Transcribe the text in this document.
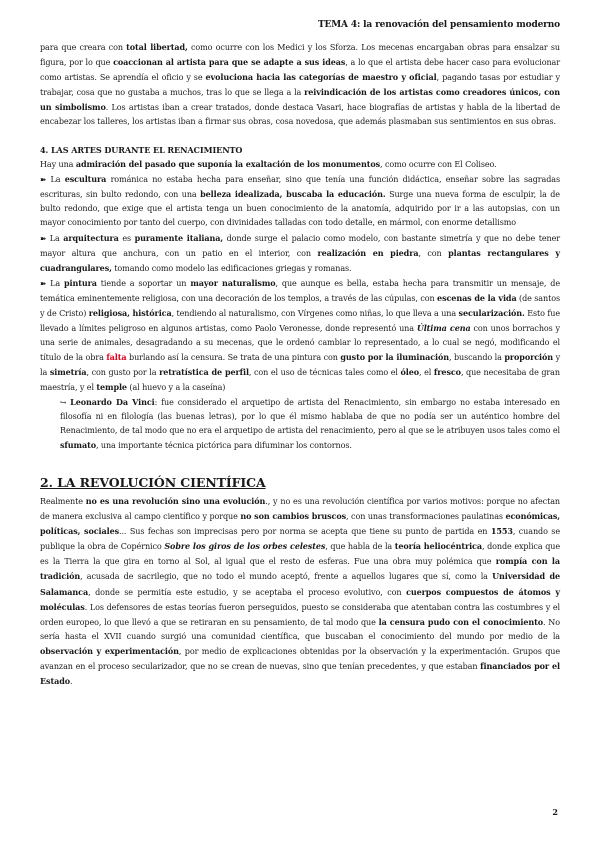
TEMA 4: la renovación del pensamiento moderno

para que creara con total libertad, como ocurre con los Medici y los Sforza. Los mecenas encargaban obras para ensalzar su figura, por lo que coaccionan al artista para que se adapte a sus ideas, a lo que el artista debe hacer caso para evolucionar como artistas. Se aprendía el oficio y se evoluciona hacia las categorías de maestro y oficial, pagando tasas por estudiar y trabajar, cosa que no gustaba a muchos, tras lo que se llega a la reivindicación de los artistas como creadores únicos, con un simbolismo. Los artistas iban a crear tratados, donde destaca Vasari, hace biografías de artistas y habla de la libertad de encabezar los talleres, los artistas iban a firmar sus obras, cosa novedosa, que además plasmaban sus sentimientos en sus obras.

4. LAS ARTES DURANTE EL RENACIMIENTO

Hay una admiración del pasado que suponía la exaltación de los monumentos, como ocurre con El Coliseo.

➽ La escultura románica no estaba hecha para enseñar, sino que tenía una función didáctica, enseñar sobre las sagradas escrituras, sin bulto redondo, con una belleza idealizada, buscaba la educación. Surge una nueva forma de esculpir, la de bulto redondo, que exige que el artista tenga un buen conocimiento de la anatomía, adquirido por ir a las autopsias, con un mayor conocimiento por tanto del cuerpo, con divinidades talladas con todo detalle, en mármol, con enorme detallismo

➽ La arquitectura es puramente italiana, donde surge el palacio como modelo, con bastante simetría y que no debe tener mayor altura que anchura, con un patio en el interior, con realización en piedra, con plantas rectangulares y cuadrangulares, tomando como modelo las edificaciones griegas y romanas.

➽ La pintura tiende a soportar un mayor naturalismo, que aunque es bella, estaba hecha para transmitir un mensaje, de temática eminentemente religiosa, con una decoración de los templos, a través de las cúpulas, con escenas de la vida (de santos y de Cristo) religiosa, histórica, tendiendo al naturalismo, con Vírgenes como niñas, lo que lleva a una secularización. Esto fue llevado a límites peligroso en algunos artistas, como Paolo Veronesse, donde representó una Última cena con unos borrachos y una serie de animales, desagradando a su mecenas, que le ordenó cambiar lo representado, a lo cual se negó, modificando el título de la obra falta burlando así la censura. Se trata de una pintura con gusto por la iluminación, buscando la proporción y la simetría, con gusto por la retratística de perfil, con el uso de técnicas tales como el óleo, el fresco, que necesitaba de gran maestría, y el temple (al huevo y a la caseína)

↪ Leonardo Da Vinci: fue considerado el arquetipo de artista del Renacimiento, sin embargo no estaba interesado en filosofía ni en filología (las buenas letras), por lo que él mismo hablaba de que no podía ser un auténtico hombre del Renacimiento, de tal modo que no era el arquetipo de artista del renacimiento, pero al que se le atribuyen usos tales como el sfumato, una importante técnica pictórica para difuminar los contornos.

2. LA REVOLUCIÓN CIENTÍFICA

Realmente no es una revolución sino una evolución., y no es una revolución científica por varios motivos: porque no afectan de manera exclusiva al campo científico y porque no son cambios bruscos, con unas transformaciones paulatinas económicas, políticas, sociales... Sus fechas son imprecisas pero por norma se acepta que tiene su punto de partida en 1553, cuando se publique la obra de Copérnico Sobre los giros de los orbes celestes, que habla de la teoría heliocéntrica, donde explica que es la Tierra la que gira en torno al Sol, al igual que el resto de esferas. Fue una obra muy polémica que rompía con la tradición, acusada de sacrilegio, que no todo el mundo aceptó, frente a aquellos lugares que sí, como la Universidad de Salamanca, donde se permitía este estudio, y se aceptaba el proceso evolutivo, con cuerpos compuestos de átomos y moléculas. Los defensores de estas teorías fueron perseguidos, puesto se consideraba que atentaban contra las costumbres y el orden europeo, lo que llevó a que se retiraran en su pensamiento, de tal modo que la censura pudo con el conocimiento. No sería hasta el XVII cuando surgió una comunidad científica, que buscaban el conocimiento del mundo por medio de la observación y experimentación, por medio de explicaciones obtenidas por la observación y la experimentación. Grupos que avanzan en el proceso secularizador, que no se crean de nuevas, sino que tenían precedentes, y que estaban financiados por el Estado.

2
